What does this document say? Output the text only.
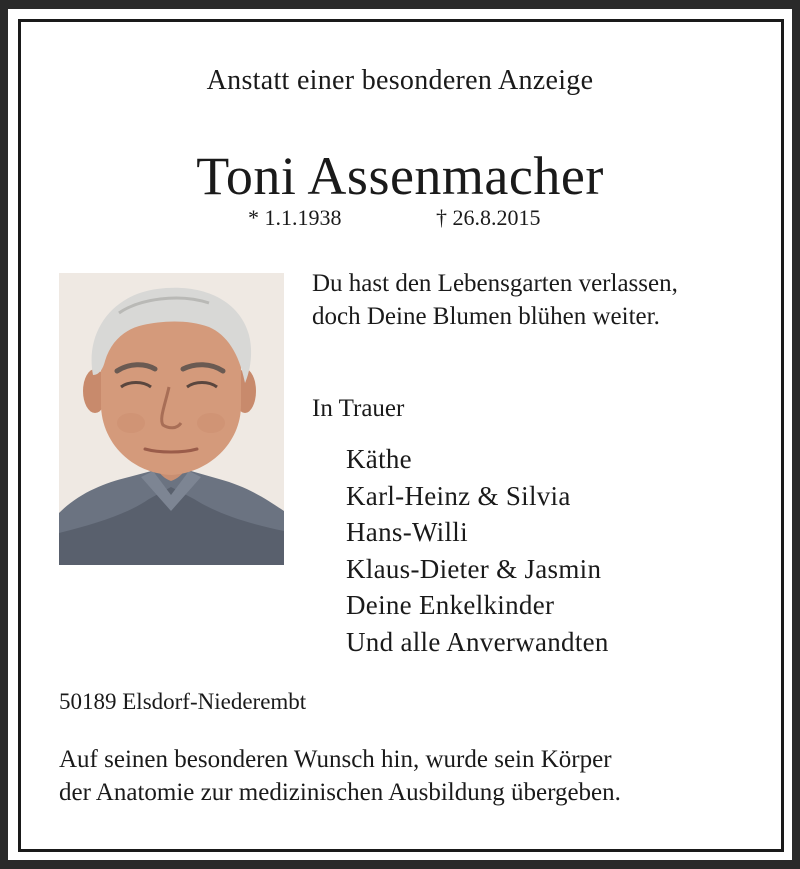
Anstatt einer besonderen Anzeige
Toni Assenmacher
* 1.1.1938	† 26.8.2015
Du hast den Lebensgarten verlassen,
doch Deine Blumen blühen weiter.
In Trauer
Käthe
Karl-Heinz & Silvia
Hans-Willi
Klaus-Dieter & Jasmin
Deine Enkelkinder
Und alle Anverwandten
50189 Elsdorf-Niederembt
Auf seinen besonderen Wunsch hin, wurde sein Körper
der Anatomie zur medizinischen Ausbildung übergeben.
